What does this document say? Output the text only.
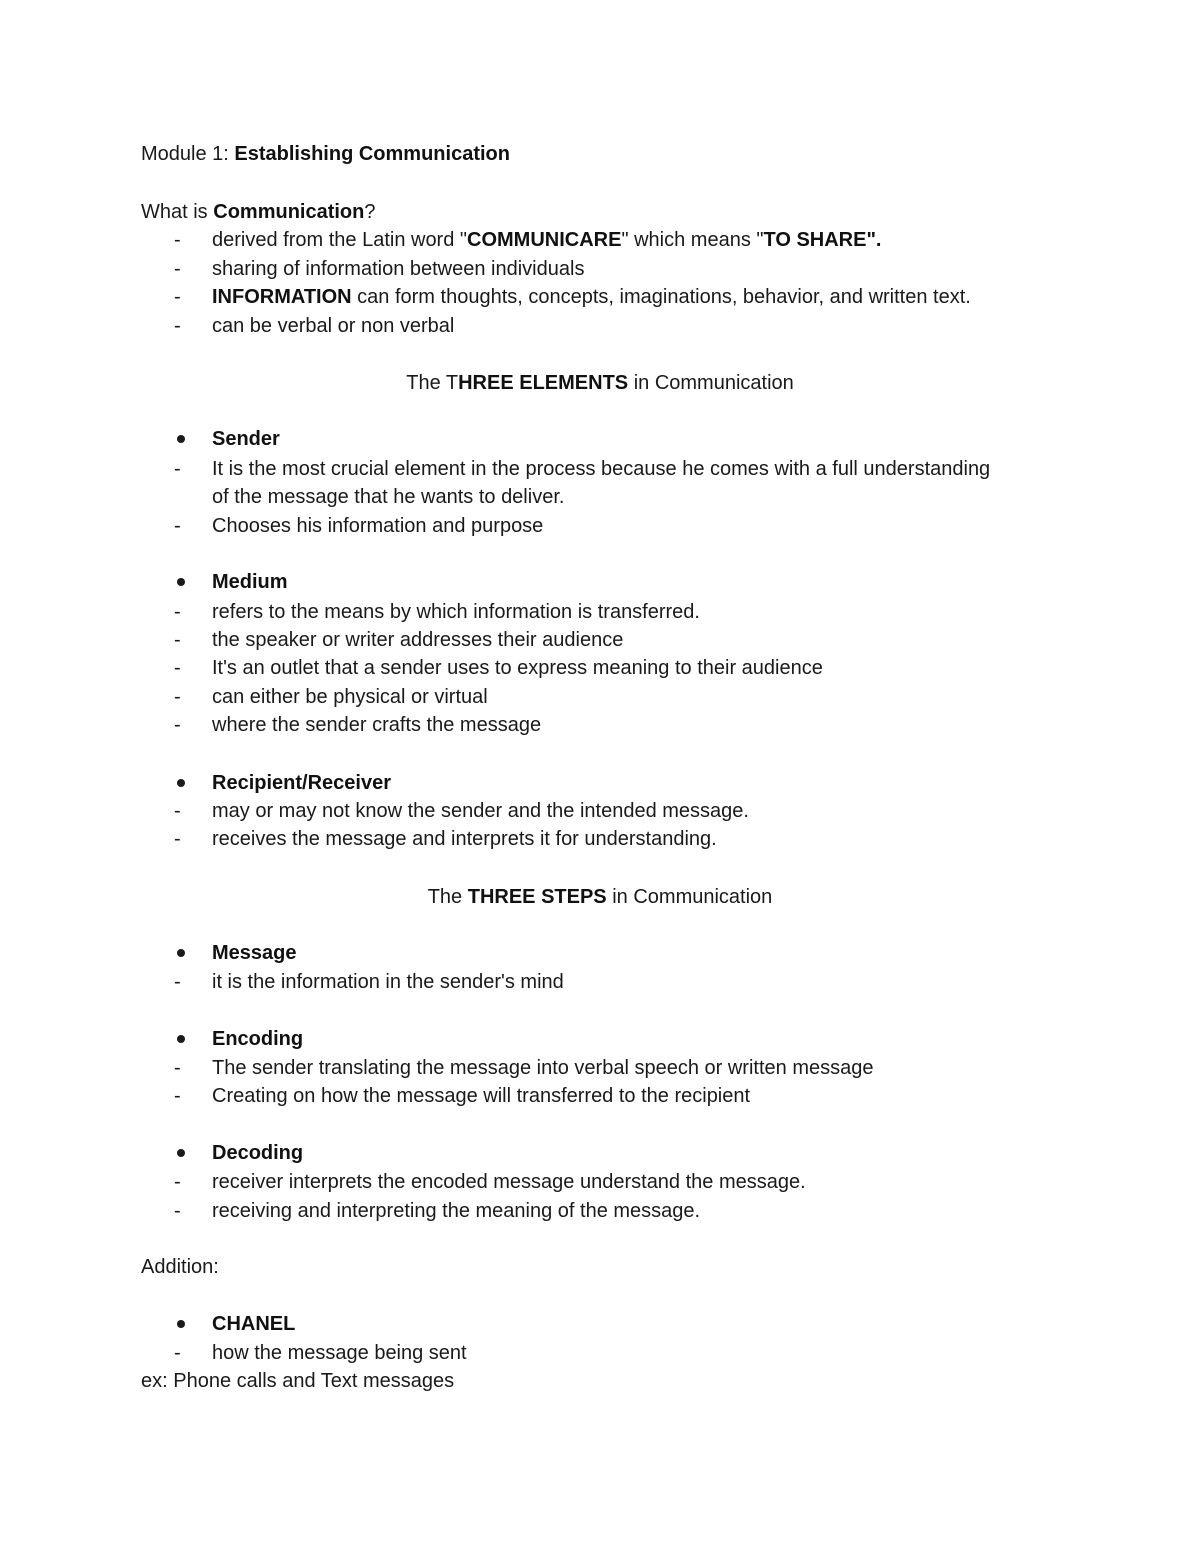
Module 1: Establishing Communication
What is Communication?
- derived from the Latin word "COMMUNICARE" which means "TO SHARE".
- sharing of information between individuals
- INFORMATION can form thoughts, concepts, imaginations, behavior, and written text.
- can be verbal or non verbal
The THREE ELEMENTS in Communication
Sender
- It is the most crucial element in the process because he comes with a full understanding
of the message that he wants to deliver.
- Chooses his information and purpose
Medium
- refers to the means by which information is transferred.
- the speaker or writer addresses their audience
- It's an outlet that a sender uses to express meaning to their audience
- can either be physical or virtual
- where the sender crafts the message
Recipient/Receiver
- may or may not know the sender and the intended message.
- receives the message and interprets it for understanding.
The THREE STEPS in Communication
Message
- it is the information in the sender's mind
Encoding
- The sender translating the message into verbal speech or written message
- Creating on how the message will transferred to the recipient
Decoding
- receiver interprets the encoded message understand the message.
- receiving and interpreting the meaning of the message.
Addition:
CHANEL
- how the message being sent
ex: Phone calls and Text messages
